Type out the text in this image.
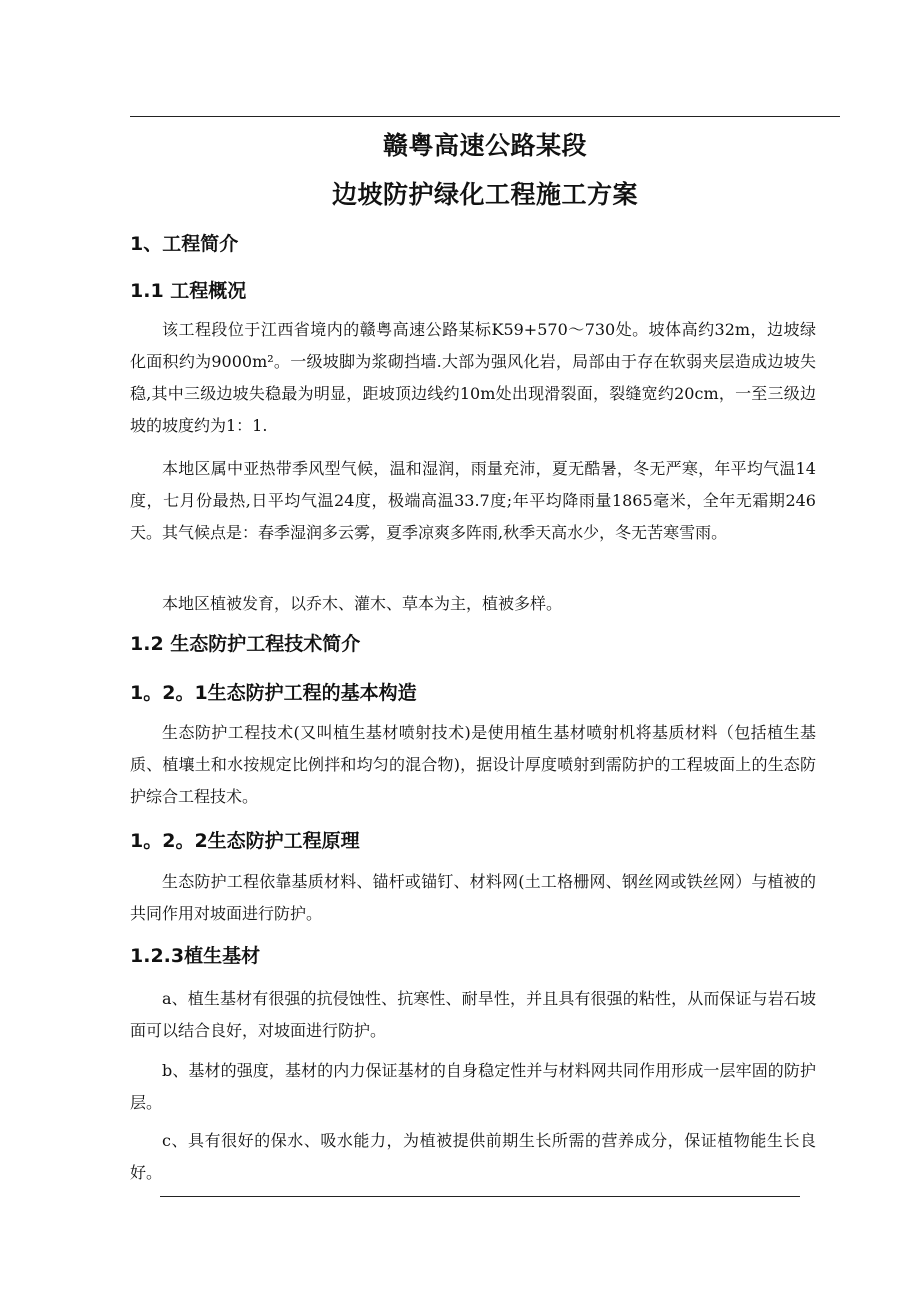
赣粤高速公路某段
边坡防护绿化工程施工方案
1、工程简介
1.1 工程概况
该工程段位于江西省境内的赣粤高速公路某标K59+570～730处。坡体高约32m，边坡绿化面积约为9000m²。一级坡脚为浆砌挡墙.大部为强风化岩，局部由于存在软弱夹层造成边坡失稳,其中三级边坡失稳最为明显，距坡顶边线约10m处出现滑裂面，裂缝宽约20cm，一至三级边坡的坡度约为1：1.
本地区属中亚热带季风型气候，温和湿润，雨量充沛，夏无酷暑，冬无严寒，年平均气温14度，七月份最热,日平均气温24度，极端高温33.7度;年平均降雨量1865毫米，全年无霜期246天。其气候点是：春季湿润多云雾，夏季凉爽多阵雨,秋季天高水少，冬无苦寒雪雨。
本地区植被发育，以乔木、灌木、草本为主，植被多样。
1.2 生态防护工程技术简介
1。2。1生态防护工程的基本构造
生态防护工程技术(又叫植生基材喷射技术)是使用植生基材喷射机将基质材料（包括植生基质、植壤土和水按规定比例拌和均匀的混合物)，据设计厚度喷射到需防护的工程坡面上的生态防护综合工程技术。
1。2。2生态防护工程原理
生态防护工程依靠基质材料、锚杆或锚钉、材料网(土工格栅网、钢丝网或铁丝网）与植被的共同作用对坡面进行防护。
1.2.3植生基材
a、植生基材有很强的抗侵蚀性、抗寒性、耐旱性，并且具有很强的粘性，从而保证与岩石坡面可以结合良好，对坡面进行防护。
b、基材的强度，基材的内力保证基材的自身稳定性并与材料网共同作用形成一层牢固的防护层。
c、具有很好的保水、吸水能力，为植被提供前期生长所需的营养成分，保证植物能生长良好。
